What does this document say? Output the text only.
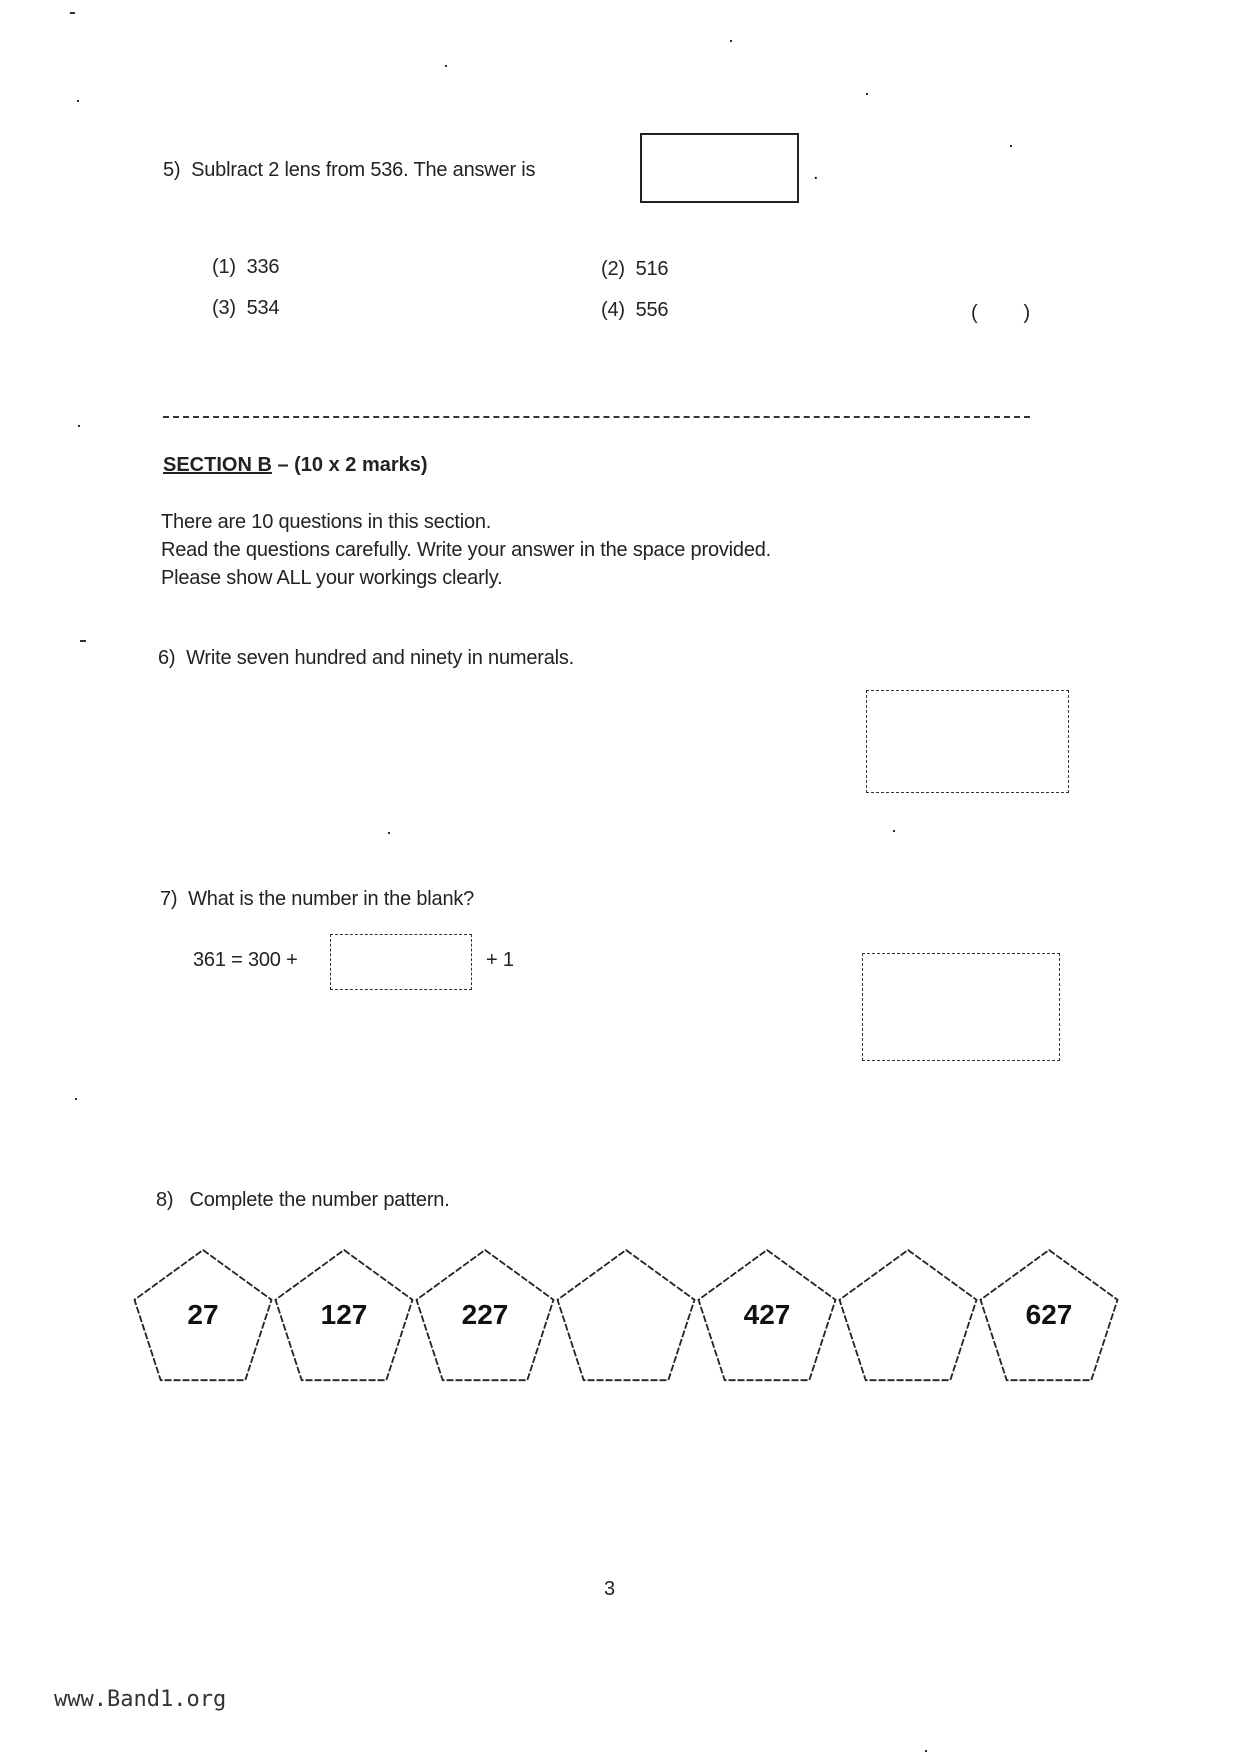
5) Sublract 2 lens from 536. The answer is	.
(1) 336	(2) 516
(3) 534	(4) 556	( )
SECTION B – (10 x 2 marks)
There are 10 questions in this section.
Read the questions carefully. Write your answer in the space provided.
Please show ALL your workings clearly.
6) Write seven hundred and ninety in numerals.
7) What is the number in the blank?
361 = 300 +	+ 1
8) Complete the number pattern.
27	127	227	427	627
3
www.Band1.org
